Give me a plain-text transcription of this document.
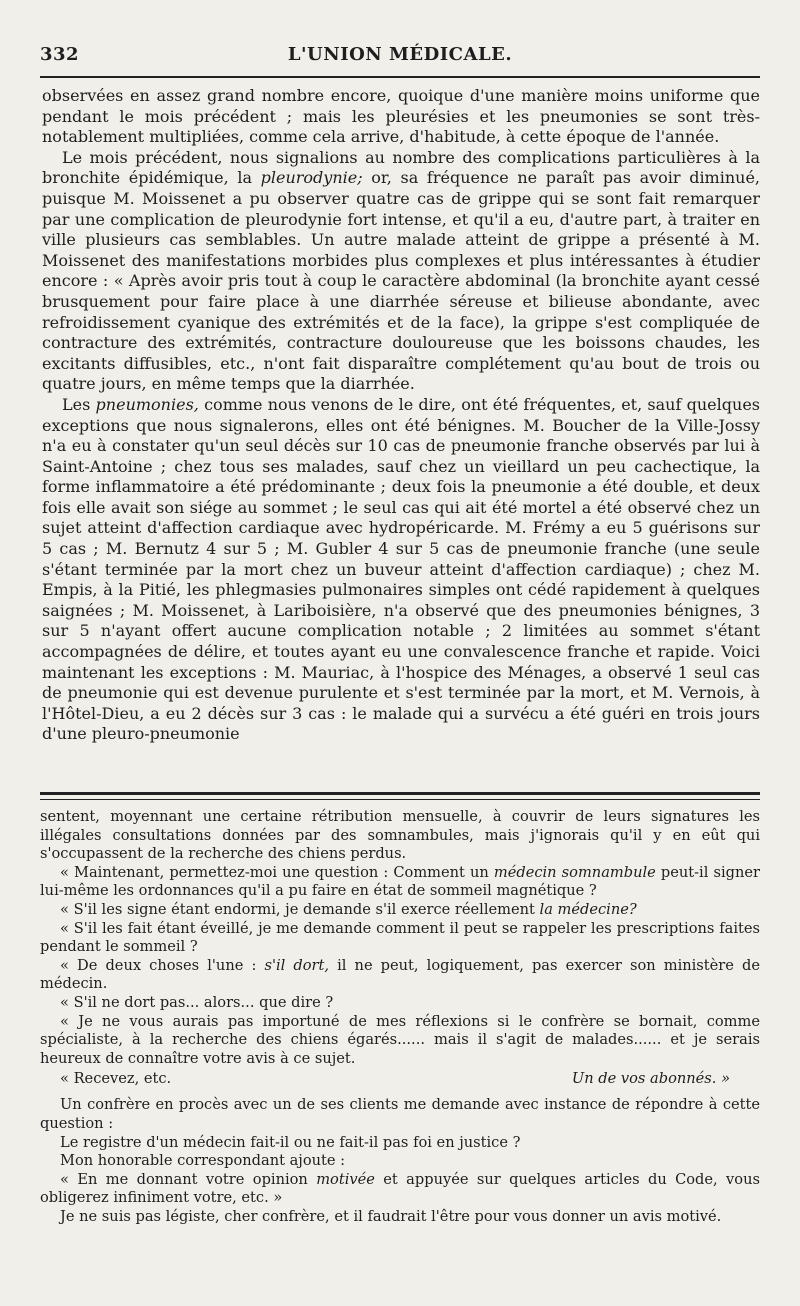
332	L'UNION MÉDICALE.

observées en assez grand nombre encore, quoique d'une manière moins uniforme que pendant le mois précédent ; mais les pleurésies et les pneumonies se sont très-notablement multipliées, comme cela arrive, d'habitude, à cette époque de l'année.

Le mois précédent, nous signalions au nombre des complications particulières à la bronchite épidémique, la pleurodynie; or, sa fréquence ne paraît pas avoir diminué, puisque M. Moissenet a pu observer quatre cas de grippe qui se sont fait remarquer par une complication de pleurodynie fort intense, et qu'il a eu, d'autre part, à traiter en ville plusieurs cas semblables. Un autre malade atteint de grippe a présenté à M. Moissenet des manifestations morbides plus complexes et plus intéressantes à étudier encore : « Après avoir pris tout à coup le caractère abdominal (la bronchite ayant cessé brusquement pour faire place à une diarrhée séreuse et bilieuse abondante, avec refroidissement cyanique des extrémités et de la face), la grippe s'est compliquée de contracture des extrémités, contracture douloureuse que les boissons chaudes, les excitants diffusibles, etc., n'ont fait disparaître complétement qu'au bout de trois ou quatre jours, en même temps que la diarrhée.

Les pneumonies, comme nous venons de le dire, ont été fréquentes, et, sauf quelques exceptions que nous signalerons, elles ont été bénignes. M. Boucher de la Ville-Jossy n'a eu à constater qu'un seul décès sur 10 cas de pneumonie franche observés par lui à Saint-Antoine ; chez tous ses malades, sauf chez un vieillard un peu cachectique, la forme inflammatoire a été prédominante ; deux fois la pneumonie a été double, et deux fois elle avait son siége au sommet ; le seul cas qui ait été mortel a été observé chez un sujet atteint d'affection cardiaque avec hydropéricarde. M. Frémy a eu 5 guérisons sur 5 cas ; M. Bernutz 4 sur 5 ; M. Gubler 4 sur 5 cas de pneumonie franche (une seule s'étant terminée par la mort chez un buveur atteint d'affection cardiaque) ; chez M. Empis, à la Pitié, les phlegmasies pulmonaires simples ont cédé rapidement à quelques saignées ; M. Moissenet, à Lariboisière, n'a observé que des pneumonies bénignes, 3 sur 5 n'ayant offert aucune complication notable ; 2 limitées au sommet s'étant accompagnées de délire, et toutes ayant eu une convalescence franche et rapide. Voici maintenant les exceptions : M. Mauriac, à l'hospice des Ménages, a observé 1 seul cas de pneumonie qui est devenue purulente et s'est terminée par la mort, et M. Vernois, à l'Hôtel-Dieu, a eu 2 décès sur 3 cas : le malade qui a survécu a été guéri en trois jours d'une pleuro-pneumonie

sentent, moyennant une certaine rétribution mensuelle, à couvrir de leurs signatures les illégales consultations données par des somnambules, mais j'ignorais qu'il y en eût qui s'occupassent de la recherche des chiens perdus.

« Maintenant, permettez-moi une question : Comment un médecin somnambule peut-il signer lui-même les ordonnances qu'il a pu faire en état de sommeil magnétique ?

« S'il les signe étant endormi, je demande s'il exerce réellement la médecine?

« S'il les fait étant éveillé, je me demande comment il peut se rappeler les prescriptions faites pendant le sommeil ?

« De deux choses l'une : s'il dort, il ne peut, logiquement, pas exercer son ministère de médecin.

« S'il ne dort pas... alors... que dire ?

« Je ne vous aurais pas importuné de mes réflexions si le confrère se bornait, comme spécialiste, à la recherche des chiens égarés...... mais il s'agit de malades...... et je serais heureux de connaître votre avis à ce sujet.

« Recevez, etc.	Un de vos abonnés. »

Un confrère en procès avec un de ses clients me demande avec instance de répondre à cette question :

Le registre d'un médecin fait-il ou ne fait-il pas foi en justice ?

Mon honorable correspondant ajoute :

« En me donnant votre opinion motivée et appuyée sur quelques articles du Code, vous obligerez infiniment votre, etc. »

Je ne suis pas légiste, cher confrère, et il faudrait l'être pour vous donner un avis motivé.
